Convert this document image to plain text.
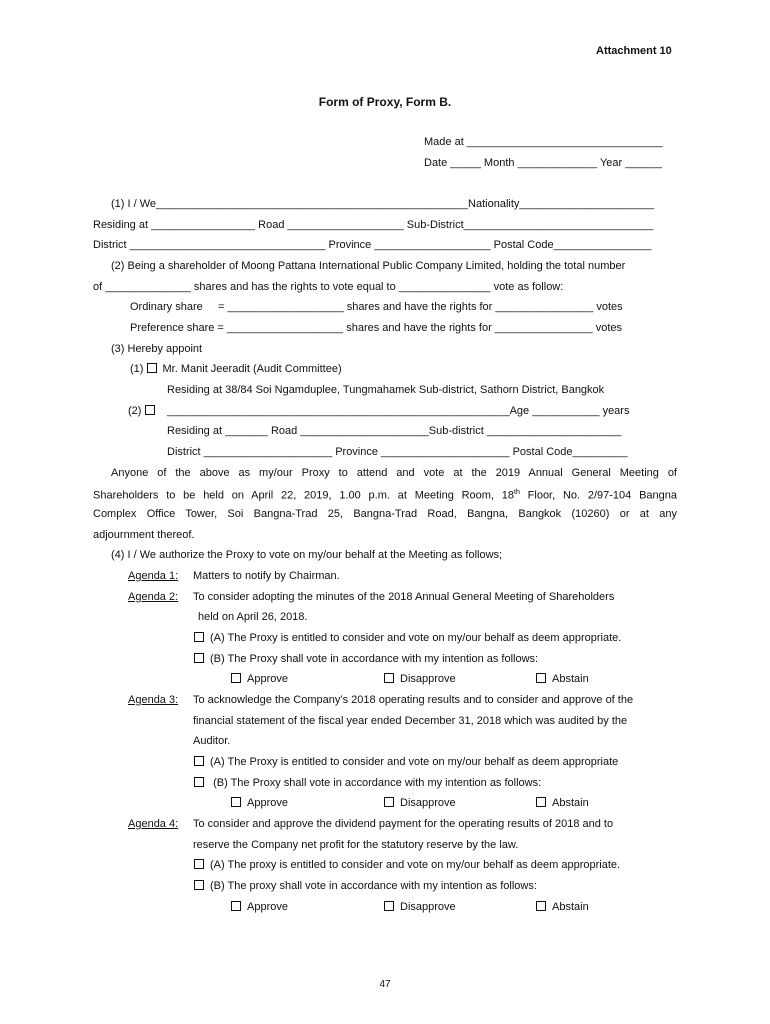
Attachment 10
Form of Proxy, Form B.
Made at ________________________________
Date _____ Month _____________ Year ______
(1) I / We___________________________________________________Nationality______________________
Residing at _________________ Road ___________________ Sub-District_______________________________
District ________________________________ Province ___________________ Postal Code________________
(2) Being a shareholder of Moong Pattana International Public Company Limited, holding the total number
of ______________ shares and has the rights to vote equal to _______________ vote as follow:
Ordinary share     = ___________________ shares and have the rights for ________________ votes
Preference share = ___________________ shares and have the rights for ________________ votes
(3) Hereby appoint
(1) Mr. Manit Jeeradit (Audit Committee)
Residing at 38/84 Soi Ngamduplee, Tungmahamek Sub-district, Sathorn District, Bangkok
(2)	________________________________________________________Age ___________ years
Residing at _______ Road _____________________Sub-district ______________________
District _____________________ Province _____________________ Postal Code_________
Anyone of the above as my/our Proxy to attend and vote at the 2019 Annual General Meeting of
Shareholders to be held on April 22, 2019, 1.00 p.m. at Meeting Room, 18th Floor, No. 2/97-104 Bangna
Complex Office Tower, Soi Bangna-Trad 25, Bangna-Trad Road, Bangna, Bangkok (10260) or at any
adjournment thereof.
(4) I / We authorize the Proxy to vote on my/our behalf at the Meeting as follows;
Agenda 1: Matters to notify by Chairman.
Agenda 2: To consider adopting the minutes of the 2018 Annual General Meeting of Shareholders
held on April 26, 2018.
(A) The Proxy is entitled to consider and vote on my/our behalf as deem appropriate.
(B) The Proxy shall vote in accordance with my intention as follows:
Approve	Disapprove	Abstain
Agenda 3: To acknowledge the Company’s 2018 operating results and to consider and approve of the
financial statement of the fiscal year ended December 31, 2018 which was audited by the
Auditor.
(A) The Proxy is entitled to consider and vote on my/our behalf as deem appropriate
(B) The Proxy shall vote in accordance with my intention as follows:
Approve	Disapprove	Abstain
Agenda 4: To consider and approve the dividend payment for the operating results of 2018 and to
reserve the Company net profit for the statutory reserve by the law.
(A) The proxy is entitled to consider and vote on my/our behalf as deem appropriate.
(B) The proxy shall vote in accordance with my intention as follows:
Approve	Disapprove	Abstain
47
